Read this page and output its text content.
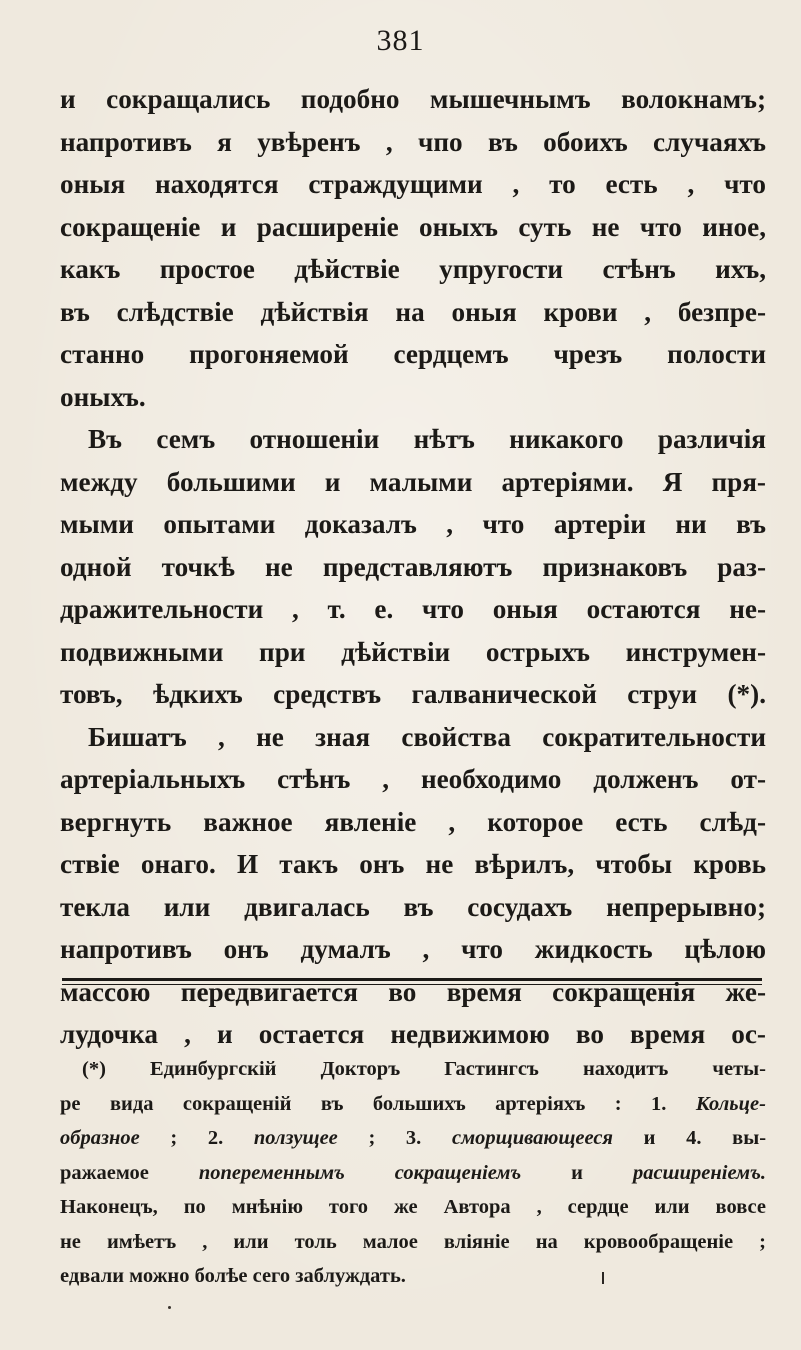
381
и сокращались подобно мышечнымъ волокнамъ;
напротивъ я увѣренъ , чпо въ обоихъ случаяхъ
оныя находятся страждущими , то есть , что
сокращеніе и расширеніе оныхъ суть не что иное,
какъ простое дѣйствіе упругости стѣнъ ихъ,
въ слѣдствіе дѣйствія на оныя крови , безпре-
станно прогоняемой сердцемъ чрезъ полости
оныхъ.
Въ семъ отношеніи нѣтъ никакого различія
между большими и малыми артеріями. Я пря-
мыми опытами доказалъ , что артеріи ни въ
одной точкѣ не представляютъ признаковъ раз-
дражительности , т. е. что оныя остаются не-
подвижными при дѣйствіи острыхъ инструмен-
товъ, ѣдкихъ средствъ галванической струи (*).
Бишатъ , не зная свойства сократительности
артеріальныхъ стѣнъ , необходимо долженъ от-
вергнуть важное явленіе , которое есть слѣд-
ствіе онаго. И такъ онъ не вѣрилъ, чтобы кровь
текла или двигалась въ сосудахъ непрерывно;
напротивъ онъ думалъ , что жидкость цѣлою
массою передвигается во время сокращенія же-
лудочка , и остается недвижимою во время ос-
(*) Единбургскій Докторъ Гастингсъ находитъ четы-
ре вида сокращеній въ большихъ артеріяхъ : 1. Кольце-
образное ; 2. ползущее ; 3. сморщивающееся и 4. вы-
ражаемое попеременнымъ сокращеніемъ и расширеніемъ.
Наконецъ, по мнѣнію того же Автора , сердце или вовсе
не имѣетъ , или толь малое вліяніе на кровообращеніе ;
едвали можно болѣе сего заблуждать.
